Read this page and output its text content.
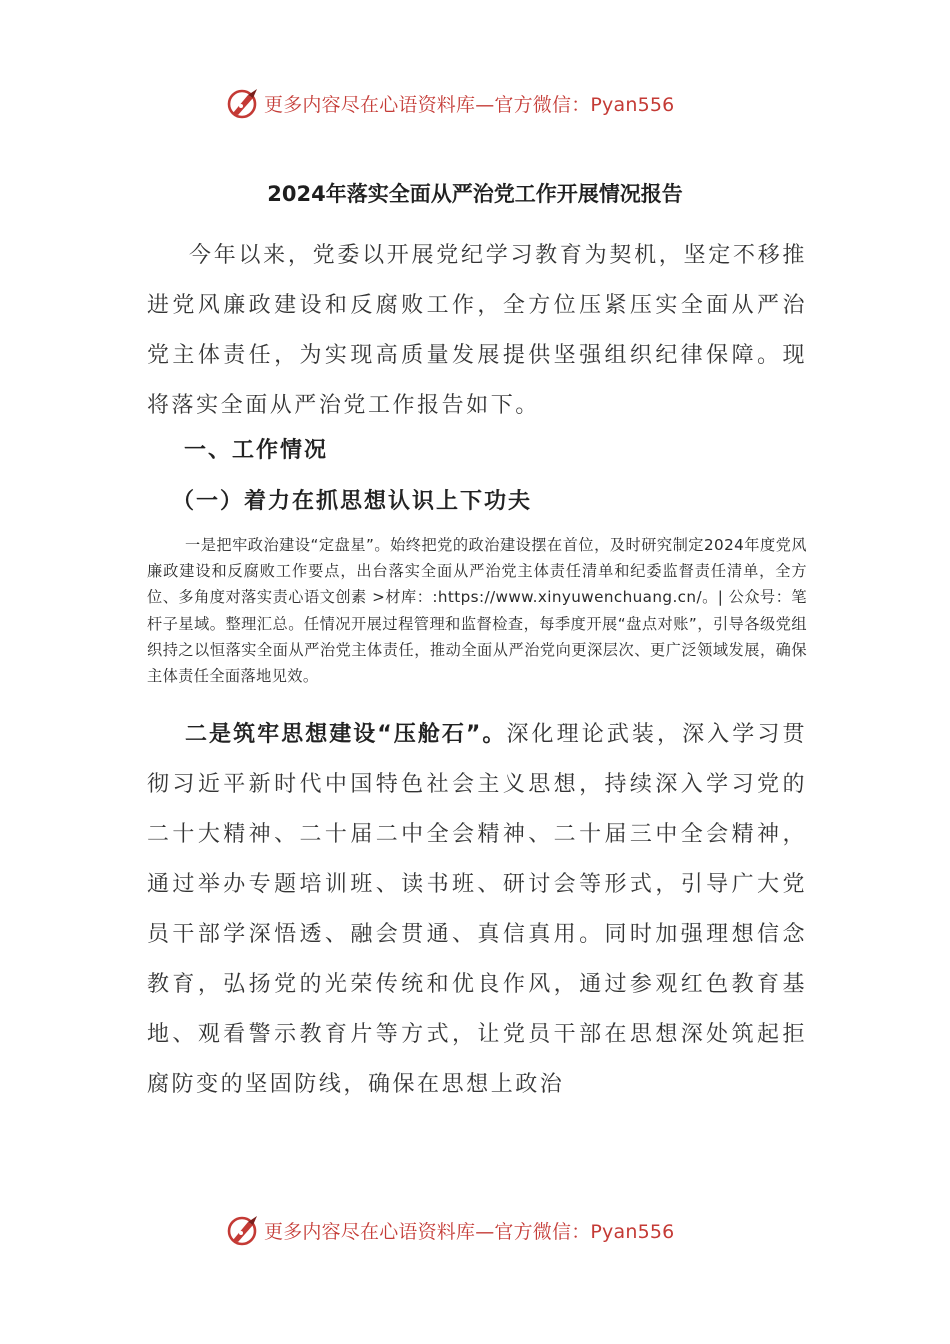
更多内容尽在心语资料库—官方微信：Pyan556
2024年落实全面从严治党工作开展情况报告

今年以来，党委以开展党纪学习教育为契机，坚定不移推进党风廉政建设和反腐败工作，全方位压紧压实全面从严治党主体责任，为实现高质量发展提供坚强组织纪律保障。现将落实全面从严治党工作报告如下。

一、工作情况
（一）着力在抓思想认识上下功夫

一是把牢政治建设“定盘星”。始终把党的政治建设摆在首位，及时研究制定2024年度党风廉政建设和反腐败工作要点，出台落实全面从严治党主体责任清单和纪委监督责任清单，全方位、多角度对落实责心语文创素 >材库：:https://www.xinyuwenchuang.cn/。| 公众号：笔杆子星域。整理汇总。任情况开展过程管理和监督检查，每季度开展“盘点对账”，引导各级党组织持之以恒落实全面从严治党主体责任，推动全面从严治党向更深层次、更广泛领域发展，确保主体责任全面落地见效。

二是筑牢思想建设“压舱石”。深化理论武装，深入学习贯彻习近平新时代中国特色社会主义思想，持续深入学习党的二十大精神、二十届二中全会精神、二十届三中全会精神，通过举办专题培训班、读书班、研讨会等形式，引导广大党员干部学深悟透、融会贯通、真信真用。同时加强理想信念教育，弘扬党的光荣传统和优良作风，通过参观红色教育基地、观看警示教育片等方式，让党员干部在思想深处筑起拒腐防变的坚固防线，确保在思想上政治

更多内容尽在心语资料库—官方微信：Pyan556
